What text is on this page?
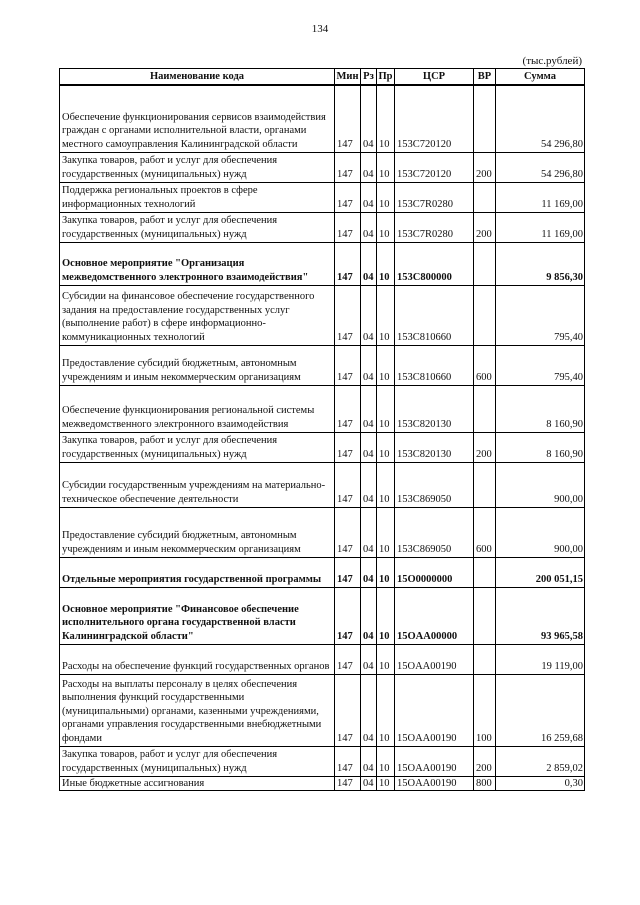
134
(тыс.рублей)
Наименование кода	Мин	Рз	Пр	ЦСР	ВР	Сумма
Обеспечение функционирования сервисов взаимодействия граждан с органами исполнительной власти, органами местного самоуправления Калининградской области	147	04	10	153C720120		54 296,80
Закупка товаров, работ и услуг для обеспечения государственных (муниципальных) нужд	147	04	10	153C720120	200	54 296,80
Поддержка региональных проектов в сфере информационных технологий	147	04	10	153C7R0280		11 169,00
Закупка товаров, работ и услуг для обеспечения государственных (муниципальных) нужд	147	04	10	153C7R0280	200	11 169,00
Основное мероприятие "Организация межведомственного электронного взаимодействия"	147	04	10	153C800000		9 856,30
Субсидии на финансовое обеспечение государственного задания на предоставление государственных услуг (выполнение работ) в сфере информационно-коммуникационных технологий	147	04	10	153C810660		795,40
Предоставление субсидий бюджетным, автономным учреждениям и иным некоммерческим организациям	147	04	10	153C810660	600	795,40
Обеспечение функционирования региональной системы межведомственного электронного взаимодействия	147	04	10	153C820130		8 160,90
Закупка товаров, работ и услуг для обеспечения государственных (муниципальных) нужд	147	04	10	153C820130	200	8 160,90
Субсидии государственным учреждениям на материально-техническое обеспечение деятельности	147	04	10	153C869050		900,00
Предоставление субсидий бюджетным, автономным учреждениям и иным некоммерческим организациям	147	04	10	153C869050	600	900,00
Отдельные мероприятия государственной программы	147	04	10	15O0000000		200 051,15
Основное мероприятие "Финансовое обеспечение исполнительного органа государственной власти Калининградской области"	147	04	10	15OAA00000		93 965,58
Расходы на обеспечение функций государственных органов	147	04	10	15OAA00190		19 119,00
Расходы на выплаты персоналу в целях обеспечения выполнения функций государственными (муниципальными) органами, казенными учреждениями, органами управления государственными внебюджетными фондами	147	04	10	15OAA00190	100	16 259,68
Закупка товаров, работ и услуг для обеспечения государственных (муниципальных) нужд	147	04	10	15OAA00190	200	2 859,02
Иные бюджетные ассигнования	147	04	10	15OAA00190	800	0,30
